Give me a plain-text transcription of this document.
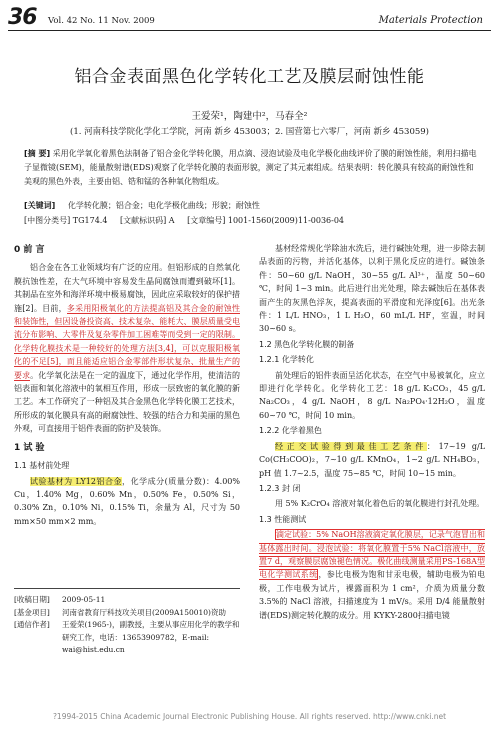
36 Vol. 42 No. 11 Nov. 2009	Materials Protection
铝合金表面黑色化学转化工艺及膜层耐蚀性能
王爱荣¹，陶建中²，马春全²
(1. 河南科技学院化学化工学院，河南 新乡 453003；2. 国营第七六零厂，河南 新乡 453059)
[摘 要] 采用化学氧化着黑色法制备了铝合金化学转化膜，用点滴、浸泡试验及电化学极化曲线评价了膜的耐蚀性能，利用扫描电子显微镜(SEM)，能量散射谱(EDS)观察了化学转化膜的表面形貌，测定了其元素组成。结果表明：转化膜具有较高的耐蚀性和美观的黑色外表，主要由铝、锆和锰的各种氧化物组成。
[关键词] 化学转化膜；铝合金；电化学极化曲线；形貌；耐蚀性
[中图分类号] TG174.4 [文献标识码] A [文章编号] 1001-1560(2009)11-0036-04
0 前 言

铝合金在各工业领域均有广泛的应用。但铝形成的自然氧化膜抗蚀性差，在大气环境中容易发生晶间腐蚀而遭到破坏[1]。其制品在室外和海洋环境中极易腐蚀，因此应采取较好的保护措施[2]。目前，多采用阳极氧化的方法提高铝及其合金的耐蚀性和装饰性，但因设备投资高、技术复杂、能耗大、膜层质量受电流分布影响、大零件及复杂零件加工困难等而受到一定的限制。化学转化膜技术是一种较好的处理方法[3,4]，可以克服阳极氧化的不足[5]，而且能适应铝合金零部件形状复杂、批量生产的要求。化学氧化法是在一定的温度下，通过化学作用，使清洁的铝表面和氧化溶液中的氧相互作用，形成一层致密的氧化膜的新工艺。本工作研究了一种铝及其合金黑色化学转化膜工艺技术，所形成的氧化膜具有高的耐腐蚀性、较强的结合力和美丽的黑色外观，可直接用于铝件表面的防护及装饰。

1 试 验
1.1 基材前处理

试验基材为 LY12铝合金，化学成分(质量分数)：4.00% Cu，1.40% Mg，0.60% Mn，0.50% Fe，0.50% Si，0.30% Zn，0.10% Ni，0.15% Ti，余量为 Al，尺寸为 50 mm×50 mm×2 mm。

[收稿日期]	2009-05-11
[基金项目]	河南省教育厅科技攻关项目(2009A150010)资助
[通信作者]	王爱荣(1965-)，副教授，主要从事应用化学的教学和研究工作，电话：13653909782，E-mail: wai@hist.edu.cn

基材经常规化学除油水洗后，进行碱蚀处理，进一步除去制品表面的污物，并活化基体，以利于黑化反应的进行。碱蚀条件：50~60 g/L NaOH，30~55 g/L Al³⁺，温度 50~60 ℃，时间 1~3 min。此后进行出光处理，除去碱蚀后在基体表面产生的灰黑色浮灰，提高表面的平滑度和光泽度[6]。出光条件：1 L/L HNO₃，1 L H₂O，60 mL/L HF，室温，时间 30~60 s。

1.2 黑色化学转化膜的制备
1.2.1 化学转化

前处理后的铝件表面呈活化状态，在空气中易被氧化，应立即进行化学转化。化学转化工艺：18 g/L K₂CO₃，45 g/L Na₂CO₃，4 g/L NaOH，8 g/L Na₂PO₄·12H₂O，温度 60~70 ℃，时间 10 min。

1.2.2 化学着黑色

经正交试验得到最佳工艺条件：17~19 g/L Co(CH₃COO)₂，7~10 g/L KMnO₄，1~2 g/L NH₄BO₃，pH 值 1.7~2.5，温度 75~85 ℃，时间 10~15 min。

1.2.3 封 闭

用 5% K₂CrO₄ 溶液对氧化着色后的氧化膜进行封孔处理。

1.3 性能测试

滴定试验：5% NaOH溶液滴定氧化膜层，记录气泡冒出和基体露出时间。浸泡试验：将氧化膜置于5% NaCl溶液中，放置7 d，观察膜层腐蚀褪色情况。极化曲线测量采用PS-168A型电化学测试系统，参比电极为饱和甘汞电极，辅助电极为铂电极，工作电极为试片，裸露面积为 1 cm²，介质为质量分数 3.5%的 NaCl 溶液，扫描速度为 1 mV/s。采用 D/4 能量散射谱(EDS)测定转化膜的成分。用 KYKY-2800扫描电镜

?1994-2015 China Academic Journal Electronic Publishing House. All rights reserved. http://www.cnki.net
